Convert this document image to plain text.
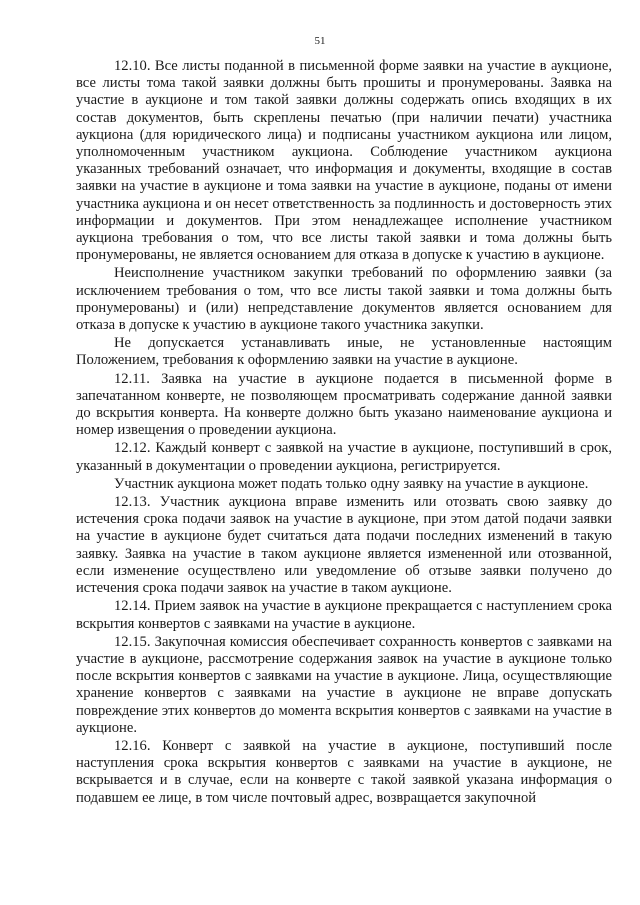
51

12.10. Все листы поданной в письменной форме заявки на участие в аукционе, все листы тома такой заявки должны быть прошиты и пронумерованы. Заявка на участие в аукционе и том такой заявки должны содержать опись входящих в их состав документов, быть скреплены печатью (при наличии печати) участника аукциона (для юридического лица) и подписаны участником аукциона или лицом, уполномоченным участником аукциона. Соблюдение участником аукциона указанных требований означает, что информация и документы, входящие в состав заявки на участие в аукционе и тома заявки на участие в аукционе, поданы от имени участника аукциона и он несет ответственность за подлинность и достоверность этих информации и документов. При этом ненадлежащее исполнение участником аукциона требования о том, что все листы такой заявки и тома должны быть пронумерованы, не является основанием для отказа в допуске к участию в аукционе.

Неисполнение участником закупки требований по оформлению заявки (за исключением требования о том, что все листы такой заявки и тома должны быть пронумерованы) и (или) непредставление документов является основанием для отказа в допуске к участию в аукционе такого участника закупки.

Не допускается устанавливать иные, не установленные настоящим Положением, требования к оформлению заявки на участие в аукционе.

12.11. Заявка на участие в аукционе подается в письменной форме в запечатанном конверте, не позволяющем просматривать содержание данной заявки до вскрытия конверта. На конверте должно быть указано наименование аукциона и номер извещения о проведении аукциона.

12.12. Каждый конверт с заявкой на участие в аукционе, поступивший в срок, указанный в документации о проведении аукциона, регистрируется.

Участник аукциона может подать только одну заявку на участие в аукционе.

12.13. Участник аукциона вправе изменить или отозвать свою заявку до истечения срока подачи заявок на участие в аукционе, при этом датой подачи заявки на участие в аукционе будет считаться дата подачи последних изменений в такую заявку. Заявка на участие в таком аукционе является измененной или отозванной, если изменение осуществлено или уведомление об отзыве заявки получено до истечения срока подачи заявок на участие в таком аукционе.

12.14. Прием заявок на участие в аукционе прекращается с наступлением срока вскрытия конвертов с заявками на участие в аукционе.

12.15. Закупочная комиссия обеспечивает сохранность конвертов с заявками на участие в аукционе, рассмотрение содержания заявок на участие в аукционе только после вскрытия конвертов с заявками на участие в аукционе. Лица, осуществляющие хранение конвертов с заявками на участие в аукционе не вправе допускать повреждение этих конвертов до момента вскрытия конвертов с заявками на участие в аукционе.

12.16. Конверт с заявкой на участие в аукционе, поступивший после наступления срока вскрытия конвертов с заявками на участие в аукционе, не вскрывается и в случае, если на конверте с такой заявкой указана информация о подавшем ее лице, в том числе почтовый адрес, возвращается закупочной
